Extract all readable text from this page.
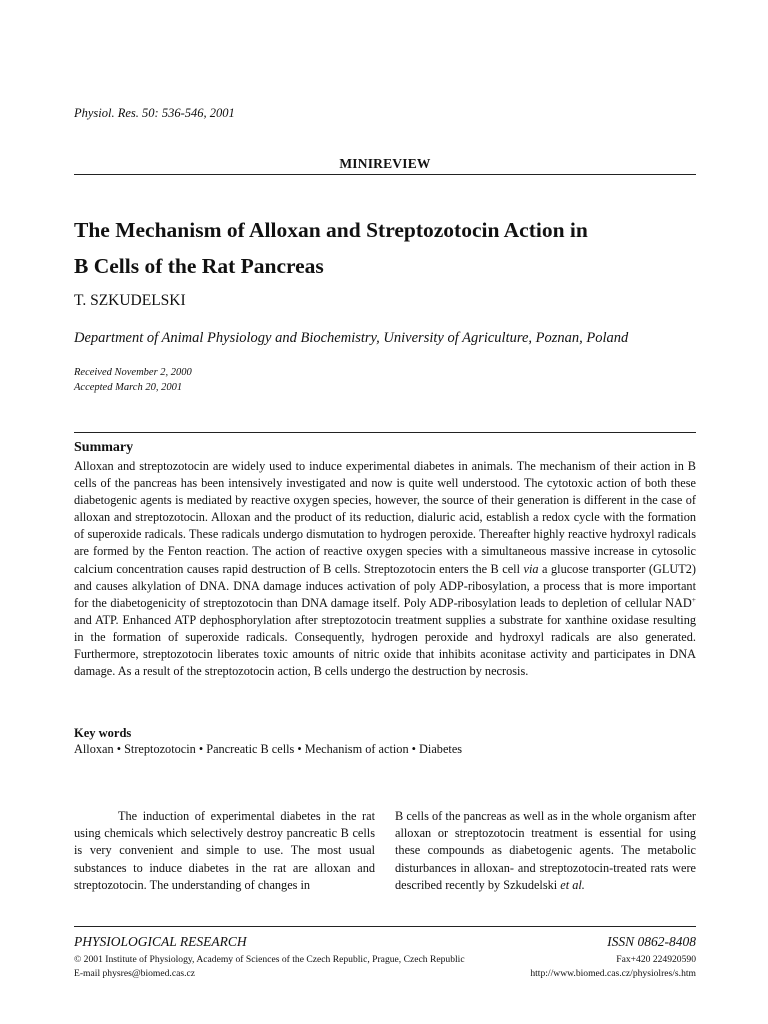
Physiol. Res. 50: 536-546, 2001
MINIREVIEW
The Mechanism of Alloxan and Streptozotocin Action in
B Cells of the Rat Pancreas
T. SZKUDELSKI
Department of Animal Physiology and Biochemistry, University of Agriculture, Poznan, Poland
Received November 2, 2000
Accepted March 20, 2001
Summary
Alloxan and streptozotocin are widely used to induce experimental diabetes in animals. The mechanism of their action in B cells of the pancreas has been intensively investigated and now is quite well understood. The cytotoxic action of both these diabetogenic agents is mediated by reactive oxygen species, however, the source of their generation is different in the case of alloxan and streptozotocin. Alloxan and the product of its reduction, dialuric acid, establish a redox cycle with the formation of superoxide radicals. These radicals undergo dismutation to hydrogen peroxide. Thereafter highly reactive hydroxyl radicals are formed by the Fenton reaction. The action of reactive oxygen species with a simultaneous massive increase in cytosolic calcium concentration causes rapid destruction of B cells. Streptozotocin enters the B cell via a glucose transporter (GLUT2) and causes alkylation of DNA. DNA damage induces activation of poly ADP-ribosylation, a process that is more important for the diabetogenicity of streptozotocin than DNA damage itself. Poly ADP-ribosylation leads to depletion of cellular NAD+ and ATP. Enhanced ATP dephosphorylation after streptozotocin treatment supplies a substrate for xanthine oxidase resulting in the formation of superoxide radicals. Consequently, hydrogen peroxide and hydroxyl radicals are also generated. Furthermore, streptozotocin liberates toxic amounts of nitric oxide that inhibits aconitase activity and participates in DNA damage. As a result of the streptozotocin action, B cells undergo the destruction by necrosis.
Key words
Alloxan • Streptozotocin • Pancreatic B cells • Mechanism of action • Diabetes
The induction of experimental diabetes in the rat using chemicals which selectively destroy pancreatic B cells is very convenient and simple to use. The most usual substances to induce diabetes in the rat are alloxan and streptozotocin. The understanding of changes in
B cells of the pancreas as well as in the whole organism after alloxan or streptozotocin treatment is essential for using these compounds as diabetogenic agents. The metabolic disturbances in alloxan- and streptozotocin-treated rats were described recently by Szkudelski et al.
PHYSIOLOGICAL RESEARCH	ISSN 0862-8408
© 2001 Institute of Physiology, Academy of Sciences of the Czech Republic, Prague, Czech Republic
E-mail physres@biomed.cas.cz
Fax+420 224920590
http://www.biomed.cas.cz/physiolres/s.htm
